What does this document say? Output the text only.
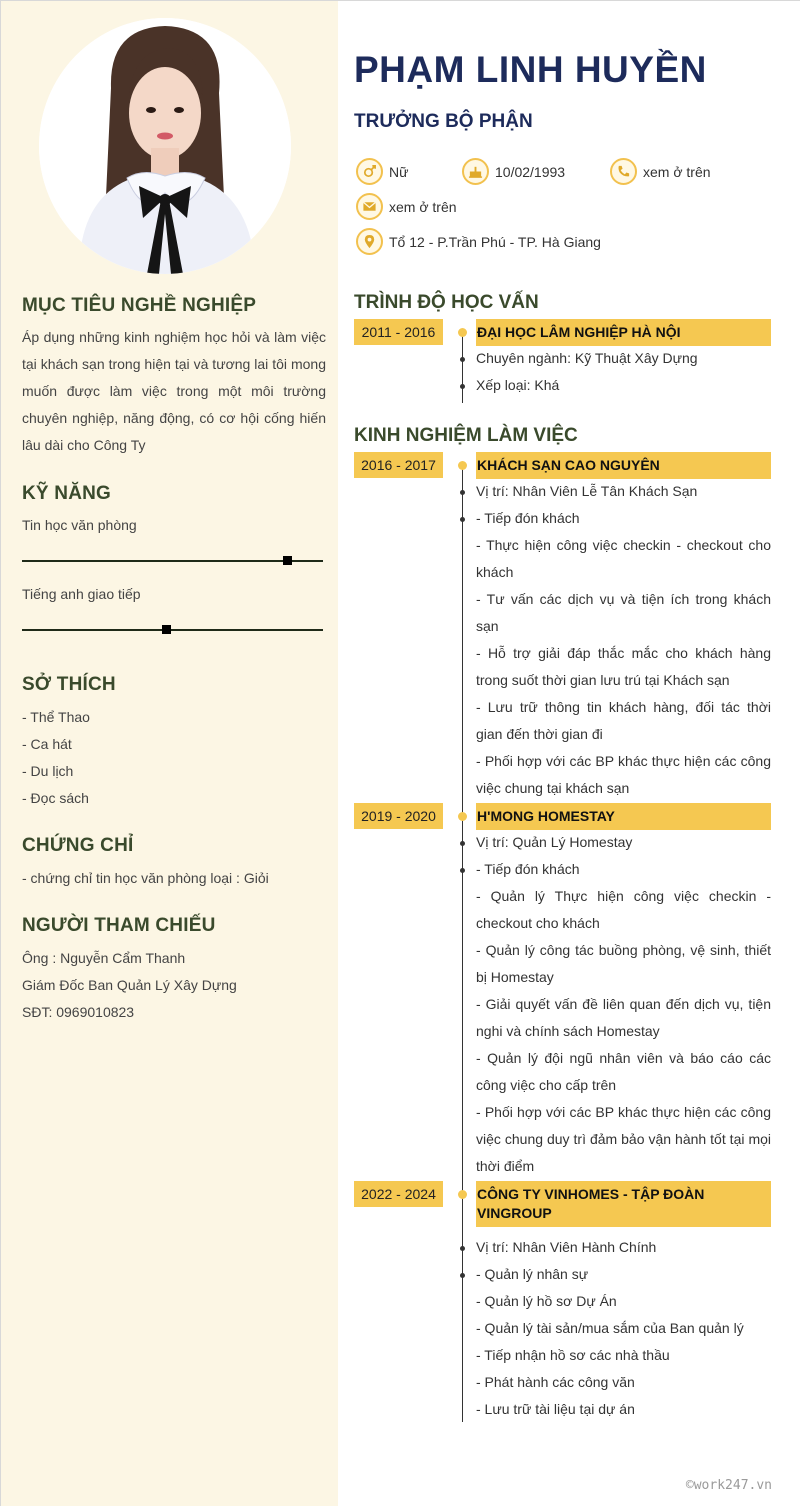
MỤC TIÊU NGHỀ NGHIỆP
Áp dụng những kinh nghiệm học hỏi và làm việc tại khách sạn trong hiện tại và tương lai tôi mong muốn được làm việc trong một môi trường chuyên nghiệp, năng động, có cơ hội cống hiến lâu dài cho Công Ty
KỸ NĂNG
Tin học văn phòng
Tiếng anh giao tiếp
SỞ THÍCH
- Thể Thao
- Ca hát
- Du lịch
- Đọc sách
CHỨNG CHỈ
- chứng chỉ tin học văn phòng loại : Giỏi
NGƯỜI THAM CHIẾU
Ông : Nguyễn Cẩm Thanh
Giám Đốc Ban Quản Lý Xây Dựng
SĐT: 0969010823
PHẠM LINH HUYỀN
TRƯỞNG BỘ PHẬN
Nữ	10/02/1993	xem ở trên
xem ở trên
Tổ 12 - P.Trần Phú - TP. Hà Giang
TRÌNH ĐỘ HỌC VẤN
2011 - 2016	ĐẠI HỌC LÂM NGHIỆP HÀ NỘI
Chuyên ngành: Kỹ Thuật Xây Dựng
Xếp loại: Khá
KINH NGHIỆM LÀM VIỆC
2016 - 2017	KHÁCH SẠN CAO NGUYÊN
Vị trí: Nhân Viên Lễ Tân Khách Sạn
- Tiếp đón khách
- Thực hiện công việc checkin - checkout cho khách
- Tư vấn các dịch vụ và tiện ích trong khách sạn
- Hỗ trợ giải đáp thắc mắc cho khách hàng trong suốt thời gian lưu trú tại Khách sạn
- Lưu trữ thông tin khách hàng, đối tác thời gian đến thời gian đi
- Phối hợp với các BP khác thực hiện các công việc chung tại khách sạn
2019 - 2020	H'MONG HOMESTAY
Vị trí: Quản Lý Homestay
- Tiếp đón khách
- Quản lý Thực hiện công việc checkin - checkout cho khách
- Quản lý công tác buồng phòng, vệ sinh, thiết bị Homestay
- Giải quyết vấn đề liên quan đến dịch vụ, tiện nghi và chính sách Homestay
- Quản lý đội ngũ nhân viên và báo cáo các công việc cho cấp trên
- Phối hợp với các BP khác thực hiện các công việc chung duy trì đảm bảo vận hành tốt tại mọi thời điểm
2022 - 2024	CÔNG TY VINHOMES - TẬP ĐOÀN VINGROUP
Vị trí: Nhân Viên Hành Chính
- Quản lý nhân sự
- Quản lý hồ sơ Dự Án
- Quản lý tài sản/mua sắm của Ban quản lý
- Tiếp nhận hồ sơ các nhà thầu
- Phát hành các công văn
- Lưu trữ tài liệu tại dự án
©work247.vn
